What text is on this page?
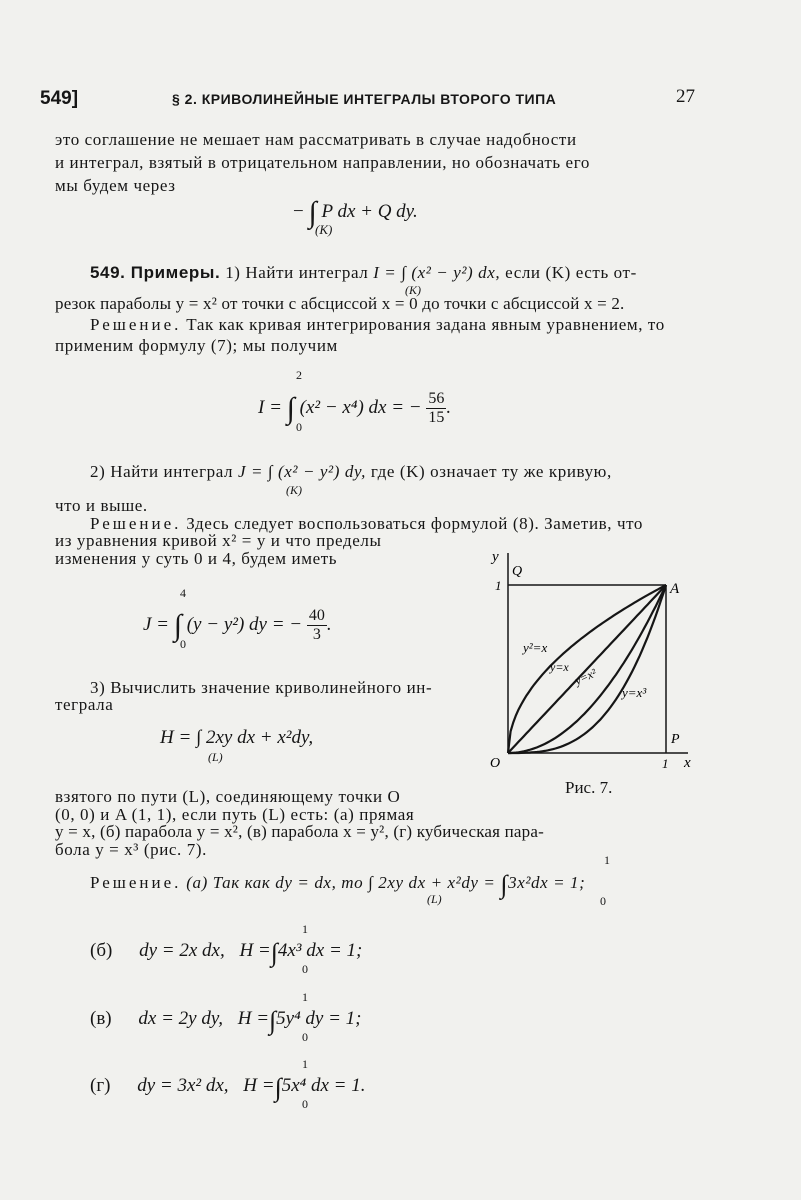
549]	§ 2. КРИВОЛИНЕЙНЫЕ ИНТЕГРАЛЫ ВТОРОГО ТИПА	27
это соглашение не мешает нам рассматривать в случае надобности
и интеграл, взятый в отрицательном направлении, но обозначать его
мы будем через
− ∫ P dx + Q dy.
(K)
549. Примеры. 1) Найти интеграл I = ∫ (x² − y²) dx, если (K) есть от-
(K)
резок параболы y = x² от точки с абсциссой x = 0 до точки с абсциссой x = 2.
Решение. Так как кривая интегрирования задана явным уравнением, то
применим формулу (7); мы получим
I = ∫ (x² − x⁴) dx = − $\frac{56}{15}$ .
2
0
2) Найти интеграл J = ∫ (x² − y²) dy, где (K) означает ту же кривую,
(K)
что и выше.
Решение. Здесь следует воспользоваться формулой (8). Заметив, что
из уравнения кривой x² = y и что пределы
изменения y суть 0 и 4, будем иметь
J = ∫ (y − y²) dy = − $\frac{40}{3}$ .
4
0
3) Вычислить значение криволинейного ин-
теграла
H = ∫ 2xy dx + x²dy,
(L)
взятого по пути (L), соединяющему точки O
(0, 0) и A (1, 1), если путь (L) есть: (а) прямая
y = x, (б) парабола y = x², (в) парабола x = y², (г) кубическая пара-
бола y = x³ (рис. 7).
y
Q
1	A
y²=x
y=x y=x²
y=x³
P
O	1 x
Рис. 7.
Решение. (а) Так как dy = dx, то ∫ 2xy dx + x²dy = ∫3x²dx = 1;
(L)
1
0
(б) dy = 2x dx, H =∫4x³ dx = 1;
1
0
(в) dx = 2y dy, H =∫5y⁴ dy = 1;
1
0
(г) dy = 3x² dx, H =∫5x⁴ dx = 1.
1
0
